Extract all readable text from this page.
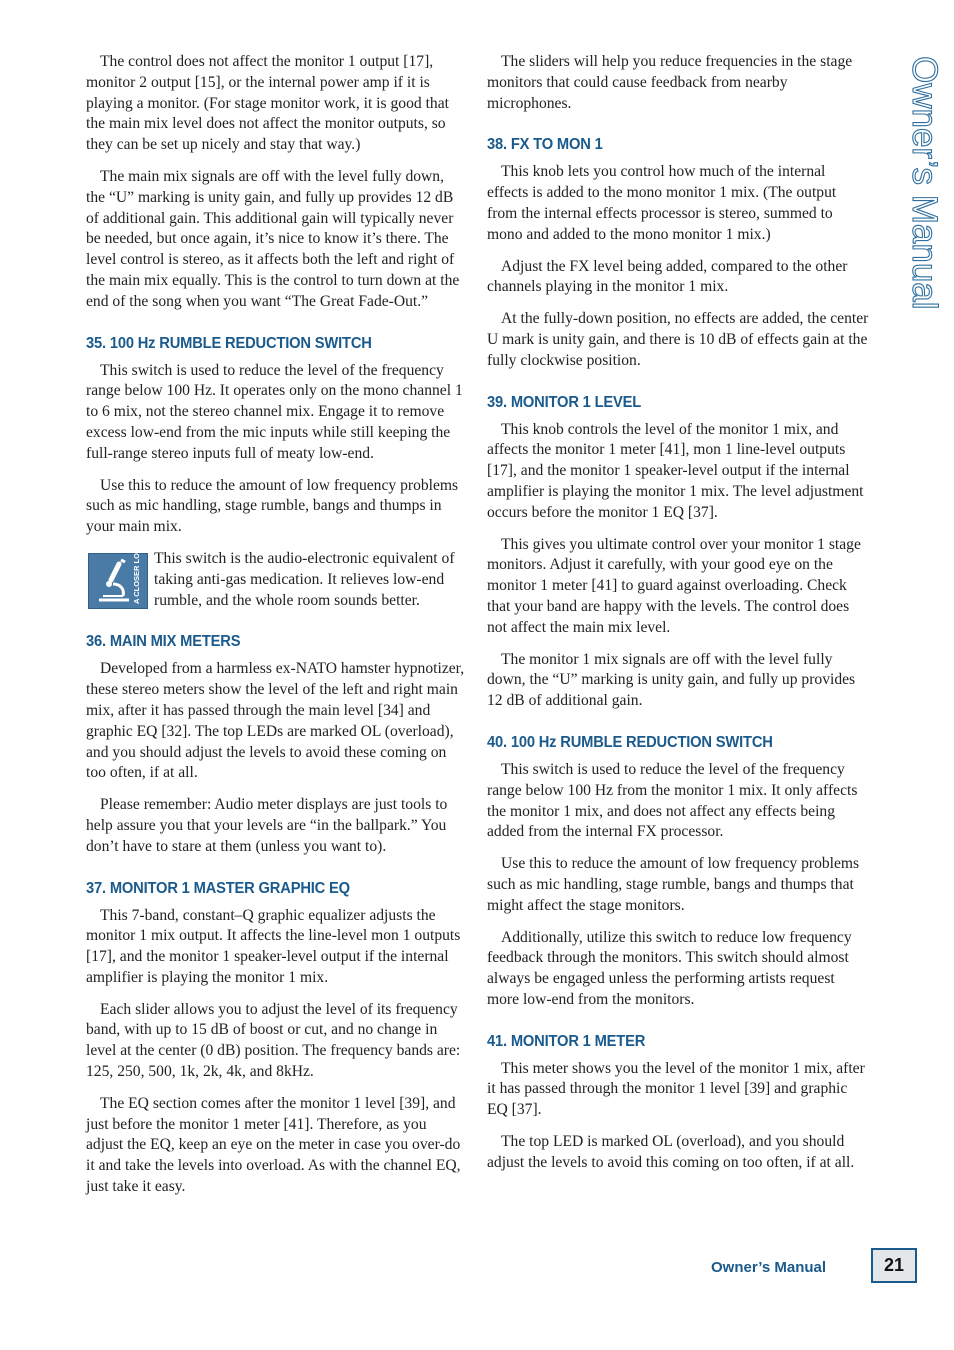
Owner’s Manual

The control does not affect the monitor 1 output [17], monitor 2 output [15], or the internal power amp if it is playing a monitor. (For stage monitor work, it is good that the main mix level does not affect the monitor outputs, so they can be set up nicely and stay that way.)

The main mix signals are off with the level fully down, the “U” marking is unity gain, and fully up provides 12 dB of additional gain. This additional gain will typically never be needed, but once again, it’s nice to know it’s there. The level control is stereo, as it affects both the left and right of the main mix equally. This is the control to turn down at the end of the song when you want “The Great Fade-Out.”

35. 100 Hz RUMBLE REDUCTION SWITCH

This switch is used to reduce the level of the frequency range below 100 Hz. It operates only on the mono channel 1 to 6 mix, not the stereo channel mix. Engage it to remove excess low-end from the mic inputs while still keeping the full-range stereo inputs full of meaty low-end.

Use this to reduce the amount of low frequency problems such as mic handling, stage rumble, bangs and thumps in your main mix.

A CLOSER LOOK This switch is the audio-electronic equivalent of taking anti-gas medication. It relieves low-end rumble, and the whole room sounds better.

36. MAIN MIX METERS

Developed from a harmless ex-NATO hamster hypnotizer, these stereo meters show the level of the left and right main mix, after it has passed through the main level [34] and graphic EQ [32]. The top LEDs are marked OL (overload), and you should adjust the levels to avoid these coming on too often, if at all.

Please remember: Audio meter displays are just tools to help assure you that your levels are “in the ballpark.” You don’t have to stare at them (unless you want to).

37. MONITOR 1 MASTER GRAPHIC EQ

This 7-band, constant–Q graphic equalizer adjusts the monitor 1 mix output. It affects the line-level mon 1 outputs [17], and the monitor 1 speaker-level output if the internal amplifier is playing the monitor 1 mix.

Each slider allows you to adjust the level of its frequency band, with up to 15 dB of boost or cut, and no change in level at the center (0 dB) position. The frequency bands are: 125, 250, 500, 1k, 2k, 4k, and 8kHz.

The EQ section comes after the monitor 1 level [39], and just before the monitor 1 meter [41]. Therefore, as you adjust the EQ, keep an eye on the meter in case you over-do it and take the levels into overload. As with the channel EQ, just take it easy.

The sliders will help you reduce frequencies in the stage monitors that could cause feedback from nearby microphones.

38. FX TO MON 1

This knob lets you control how much of the internal effects is added to the mono monitor 1 mix. (The output from the internal effects processor is stereo, summed to mono and added to the mono monitor 1 mix.)

Adjust the FX level being added, compared to the other channels playing in the monitor 1 mix.

At the fully-down position, no effects are added, the center U mark is unity gain, and there is 10 dB of effects gain at the fully clockwise position.

39. MONITOR 1 LEVEL

This knob controls the level of the monitor 1 mix, and affects the monitor 1 meter [41], mon 1 line-level outputs [17], and the monitor 1 speaker-level output if the internal amplifier is playing the monitor 1 mix. The level adjustment occurs before the monitor 1 EQ [37].

This gives you ultimate control over your monitor 1 stage monitors. Adjust it carefully, with your good eye on the monitor 1 meter [41] to guard against overloading. Check that your band are happy with the levels. The control does not affect the main mix level.

The monitor 1 mix signals are off with the level fully down, the “U” marking is unity gain, and fully up provides 12 dB of additional gain.

40. 100 Hz RUMBLE REDUCTION SWITCH

This switch is used to reduce the level of the frequency range below 100 Hz from the monitor 1 mix. It only affects the monitor 1 mix, and does not affect any effects being added from the internal FX processor.

Use this to reduce the amount of low frequency problems such as mic handling, stage rumble, bangs and thumps that might affect the stage monitors.

Additionally, utilize this switch to reduce low frequency feedback through the monitors. This switch should almost always be engaged unless the performing artists request more low-end from the monitors.

41. MONITOR 1 METER

This meter shows you the level of the monitor 1 mix, after it has passed through the monitor 1 level [39] and graphic EQ [37].

The top LED is marked OL (overload), and you should adjust the levels to avoid this coming on too often, if at all.

Owner’s Manual	21
